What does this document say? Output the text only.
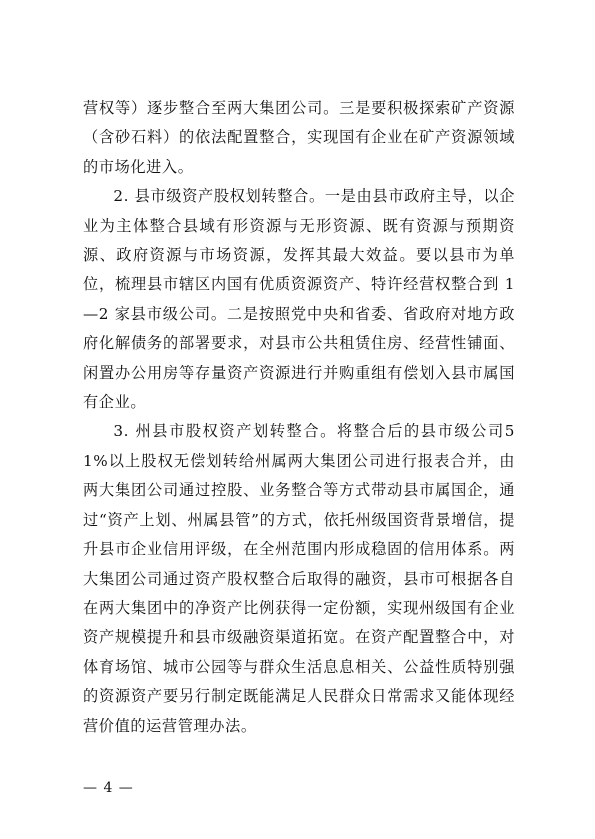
营权等）逐步整合至两大集团公司。三是要积极探索矿产资源（含砂石料）的依法配置整合，实现国有企业在矿产资源领域的市场化进入。

2. 县市级资产股权划转整合。一是由县市政府主导，以企业为主体整合县域有形资源与无形资源、既有资源与预期资源、政府资源与市场资源，发挥其最大效益。要以县市为单位，梳理县市辖区内国有优质资源资产、特许经营权整合到 1—2 家县市级公司。二是按照党中央和省委、省政府对地方政府化解债务的部署要求，对县市公共租赁住房、经营性铺面、闲置办公用房等存量资产资源进行并购重组有偿划入县市属国有企业。

3. 州县市股权资产划转整合。将整合后的县市级公司51%以上股权无偿划转给州属两大集团公司进行报表合并，由两大集团公司通过控股、业务整合等方式带动县市属国企，通过“资产上划、州属县管”的方式，依托州级国资背景增信，提升县市企业信用评级，在全州范围内形成稳固的信用体系。两大集团公司通过资产股权整合后取得的融资，县市可根据各自在两大集团中的净资产比例获得一定份额，实现州级国有企业资产规模提升和县市级融资渠道拓宽。在资产配置整合中，对体育场馆、城市公园等与群众生活息息相关、公益性质特别强的资源资产要另行制定既能满足人民群众日常需求又能体现经营价值的运营管理办法。

— 4 —
